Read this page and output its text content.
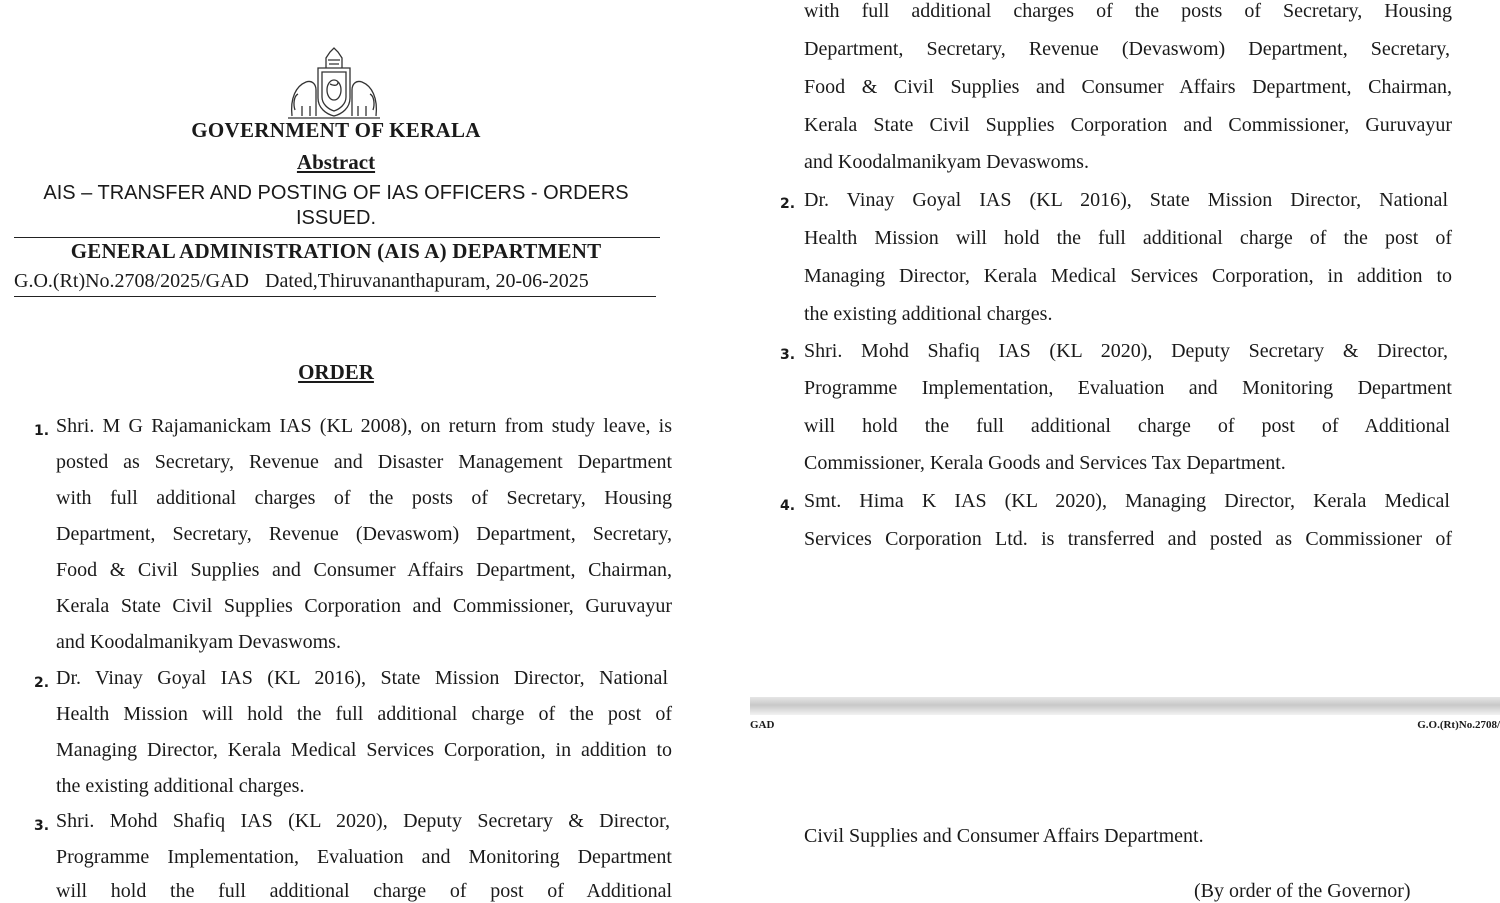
GOVERNMENT OF KERALA
Abstract
AIS – TRANSFER AND POSTING OF IAS OFFICERS - ORDERS
ISSUED.
GENERAL ADMINISTRATION (AIS A) DEPARTMENT
G.O.(Rt)No.2708/2025/GAD Dated,Thiruvananthapuram, 20-06-2025
ORDER
1. Shri. M G Rajamanickam IAS (KL 2008), on return from study leave, is
posted as Secretary, Revenue and Disaster Management Department
with full additional charges of the posts of Secretary, Housing
Department, Secretary, Revenue (Devaswom) Department, Secretary,
Food & Civil Supplies and Consumer Affairs Department, Chairman,
Kerala State Civil Supplies Corporation and Commissioner, Guruvayur
and Koodalmanikyam Devaswoms.
2. Dr. Vinay Goyal IAS (KL 2016), State Mission Director, National
Health Mission will hold the full additional charge of the post of
Managing Director, Kerala Medical Services Corporation, in addition to
the existing additional charges.
3. Shri. Mohd Shafiq IAS (KL 2020), Deputy Secretary & Director,
Programme Implementation, Evaluation and Monitoring Department
will hold the full additional charge of post of Additional
with full additional charges of the posts of Secretary, Housing
Department, Secretary, Revenue (Devaswom) Department, Secretary,
Food & Civil Supplies and Consumer Affairs Department, Chairman,
Kerala State Civil Supplies Corporation and Commissioner, Guruvayur
and Koodalmanikyam Devaswoms.
2. Dr. Vinay Goyal IAS (KL 2016), State Mission Director, National
Health Mission will hold the full additional charge of the post of
Managing Director, Kerala Medical Services Corporation, in addition to
the existing additional charges.
3. Shri. Mohd Shafiq IAS (KL 2020), Deputy Secretary & Director,
Programme Implementation, Evaluation and Monitoring Department
will hold the full additional charge of post of Additional
Commissioner, Kerala Goods and Services Tax Department.
4. Smt. Hima K IAS (KL 2020), Managing Director, Kerala Medical
Services Corporation Ltd. is transferred and posted as Commissioner of
GAD	G.O.(Rt)No.2708/
Civil Supplies and Consumer Affairs Department.
(By order of the Governor)
